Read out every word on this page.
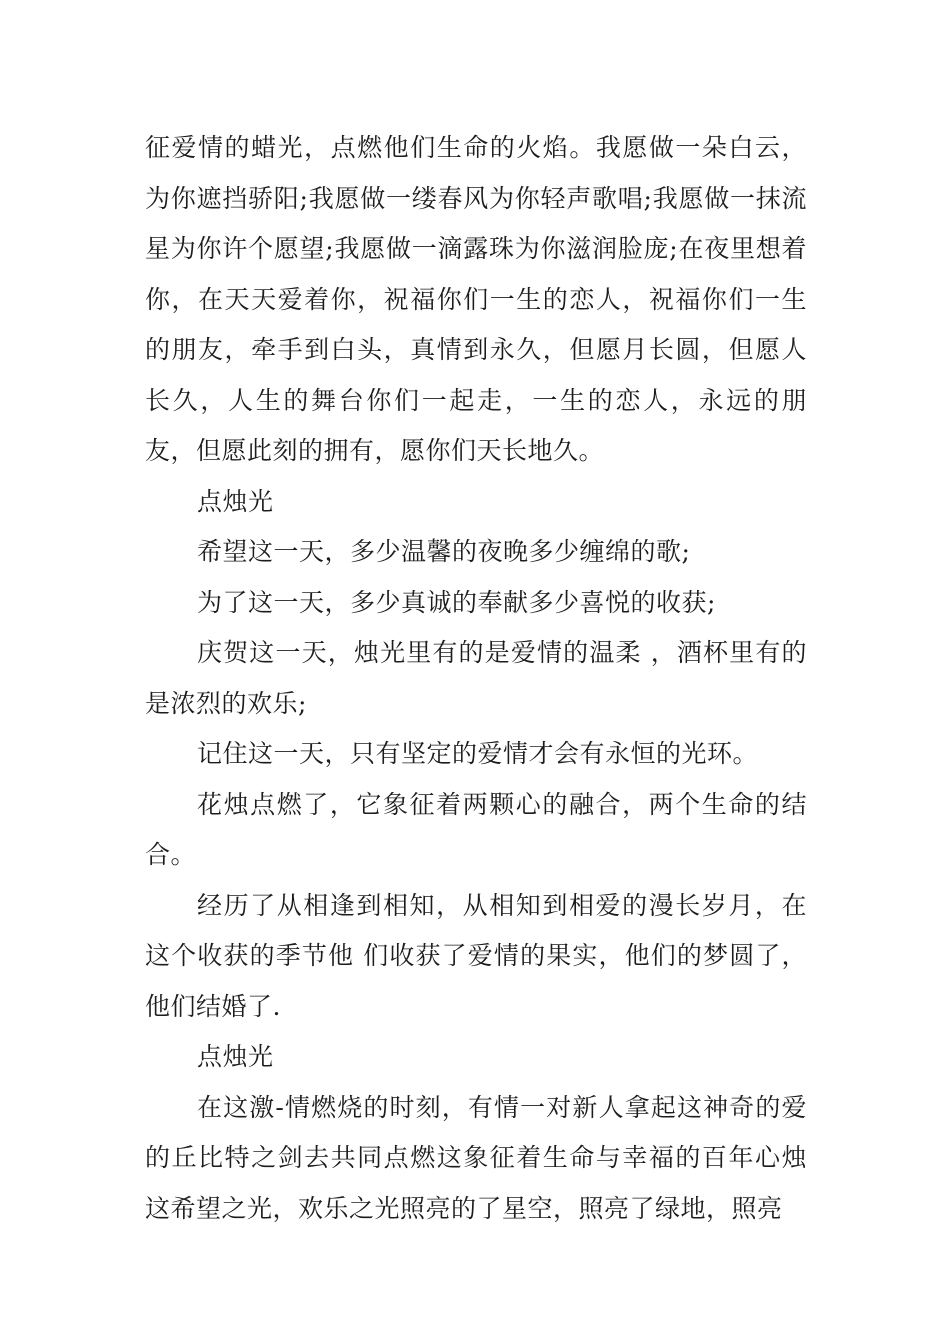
征爱情的蜡光，点燃他们生命的火焰。我愿做一朵白云，为你遮挡骄阳;我愿做一缕春风为你轻声歌唱;我愿做一抹流星为你许个愿望;我愿做一滴露珠为你滋润脸庞;在夜里想着你，在天天爱着你，祝福你们一生的恋人，祝福你们一生的朋友，牵手到白头，真情到永久，但愿月长圆，但愿人长久，人生的舞台你们一起走，一生的恋人，永远的朋友，但愿此刻的拥有，愿你们天长地久。

点烛光

希望这一天，多少温馨的夜晚多少缠绵的歌;

为了这一天，多少真诚的奉献多少喜悦的收获;

庆贺这一天，烛光里有的是爱情的温柔 ，酒杯里有的是浓烈的欢乐;

记住这一天，只有坚定的爱情才会有永恒的光环。

花烛点燃了，它象征着两颗心的融合，两个生命的结合。

经历了从相逢到相知，从相知到相爱的漫长岁月，在这个收获的季节他 们收获了爱情的果实，他们的梦圆了，他们结婚了.

点烛光

在这激-情燃烧的时刻，有情一对新人拿起这神奇的爱的丘比特之剑去共同点燃这象征着生命与幸福的百年心烛这希望之光，欢乐之光照亮的了星空，照亮了绿地，照亮
